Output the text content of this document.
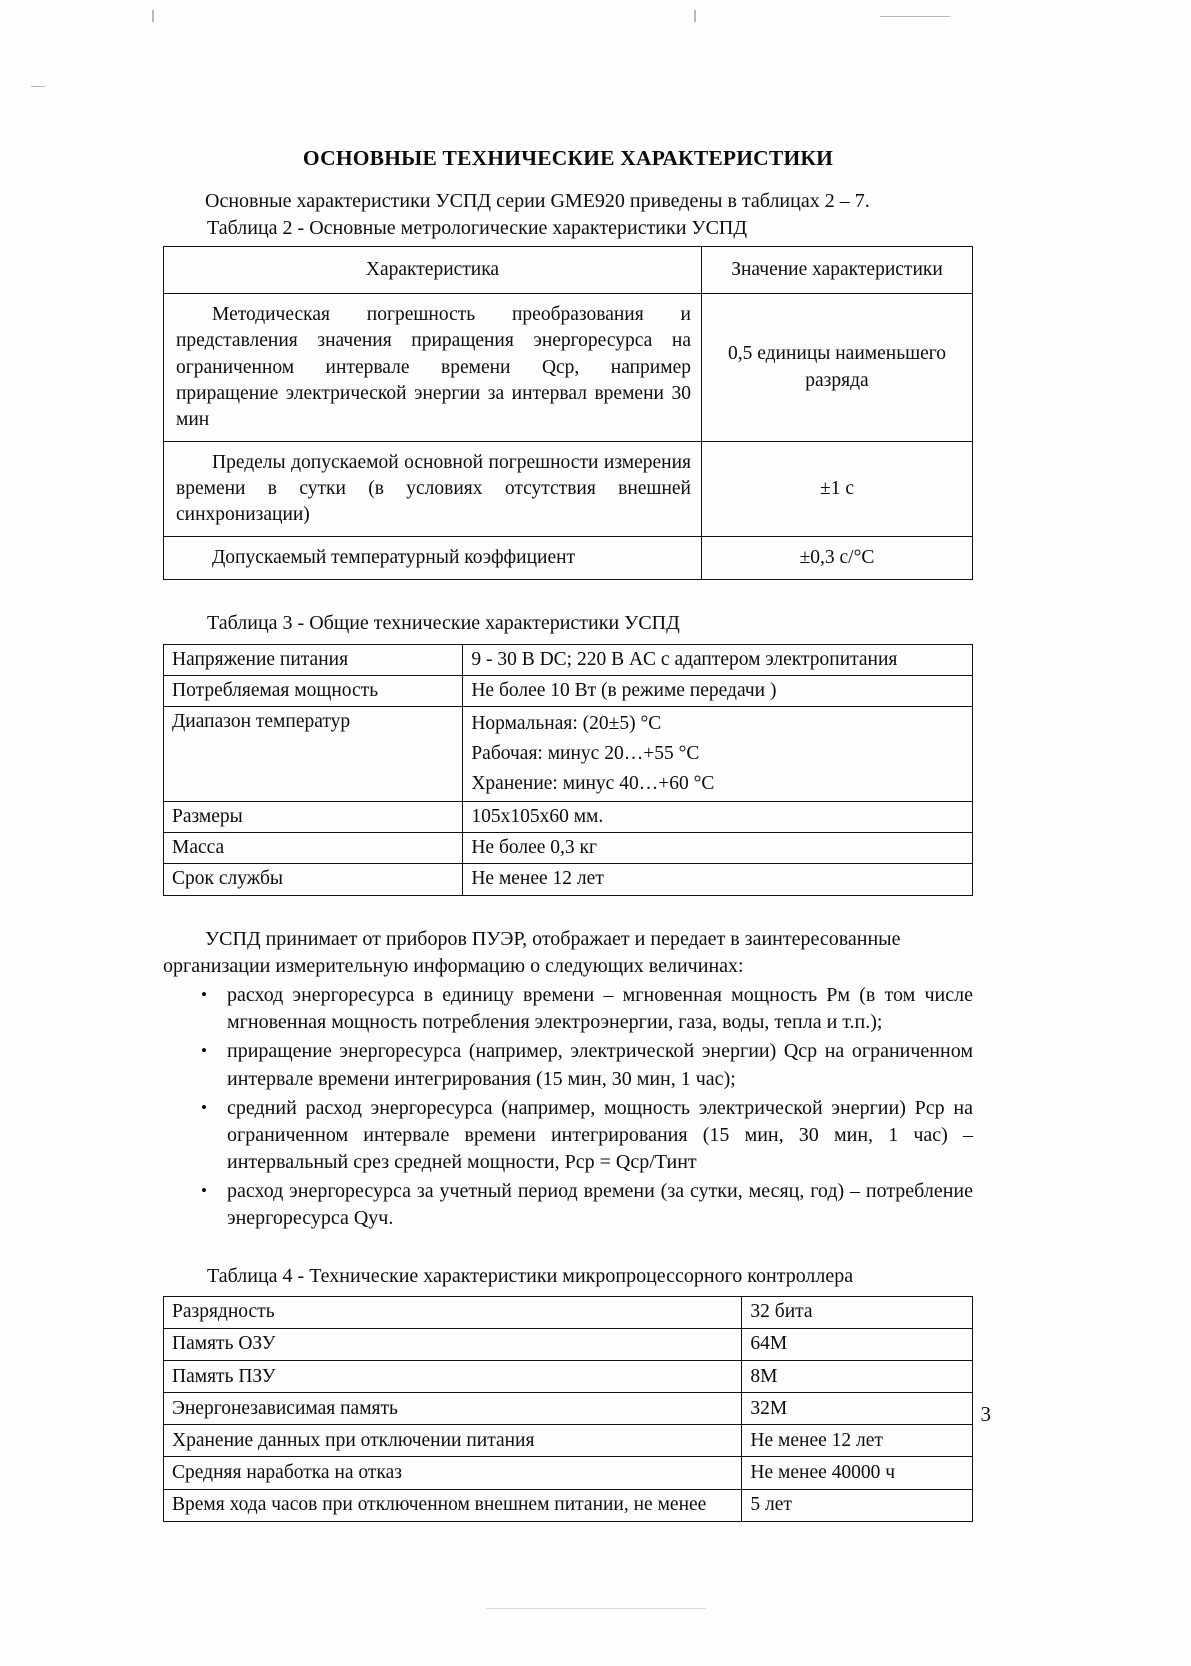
ОСНОВНЫЕ ТЕХНИЧЕСКИЕ ХАРАКТЕРИСТИКИ

Основные характеристики УСПД серии GME920 приведены в таблицах 2 – 7.

Таблица 2 - Основные метрологические характеристики УСПД

Характеристика	Значение характеристики
Методическая погрешность преобразования и представления значения приращения энергоресурса на ограниченном интервале времени Qср, например приращение электрической энергии за интервал времени 30 мин	0,5 единицы наименьшего разряда
Пределы допускаемой основной погрешности измерения времени в сутки (в условиях отсутствия внешней синхронизации)	±1 с
Допускаемый температурный коэффициент	±0,3 с/°С

Таблица 3 - Общие технические характеристики УСПД

Напряжение питания	9 - 30 В DC; 220 В AC с адаптером электропитания
Потребляемая мощность	Не более 10 Вт (в режиме передачи )
Диапазон температур	Нормальная: (20±5) °С
Рабочая: минус 20…+55 °С
Хранение: минус 40…+60 °С

Размеры	105х105х60 мм.
Масса	Не более 0,3 кг
Срок службы	Не менее 12 лет

УСПД принимает от приборов ПУЭР, отображает и передает в заинтересованные организации измерительную информацию о следующих величинах:

• расход энергоресурса в единицу времени – мгновенная мощность Рм (в том числе мгновенная мощность потребления электроэнергии, газа, воды, тепла и т.п.);
• приращение энергоресурса (например, электрической энергии) Qср на ограниченном интервале времени интегрирования (15 мин, 30 мин, 1 час);
• средний расход энергоресурса (например, мощность электрической энергии) Рср на ограниченном интервале времени интегрирования (15 мин, 30 мин, 1 час) – интервальный срез средней мощности, Рср = Qср/Тинт
• расход энергоресурса за учетный период времени (за сутки, месяц, год) – потребление энергоресурса Qуч.

Таблица 4 - Технические характеристики микропроцессорного контроллера

Разрядность	32 бита
Память ОЗУ	64М
Память ПЗУ	8М
Энергонезависимая память	32М
Хранение данных при отключении питания	Не менее 12 лет
Средняя наработка на отказ	Не менее 40000 ч
Время хода часов при отключенном внешнем питании, не менее	5 лет
3
